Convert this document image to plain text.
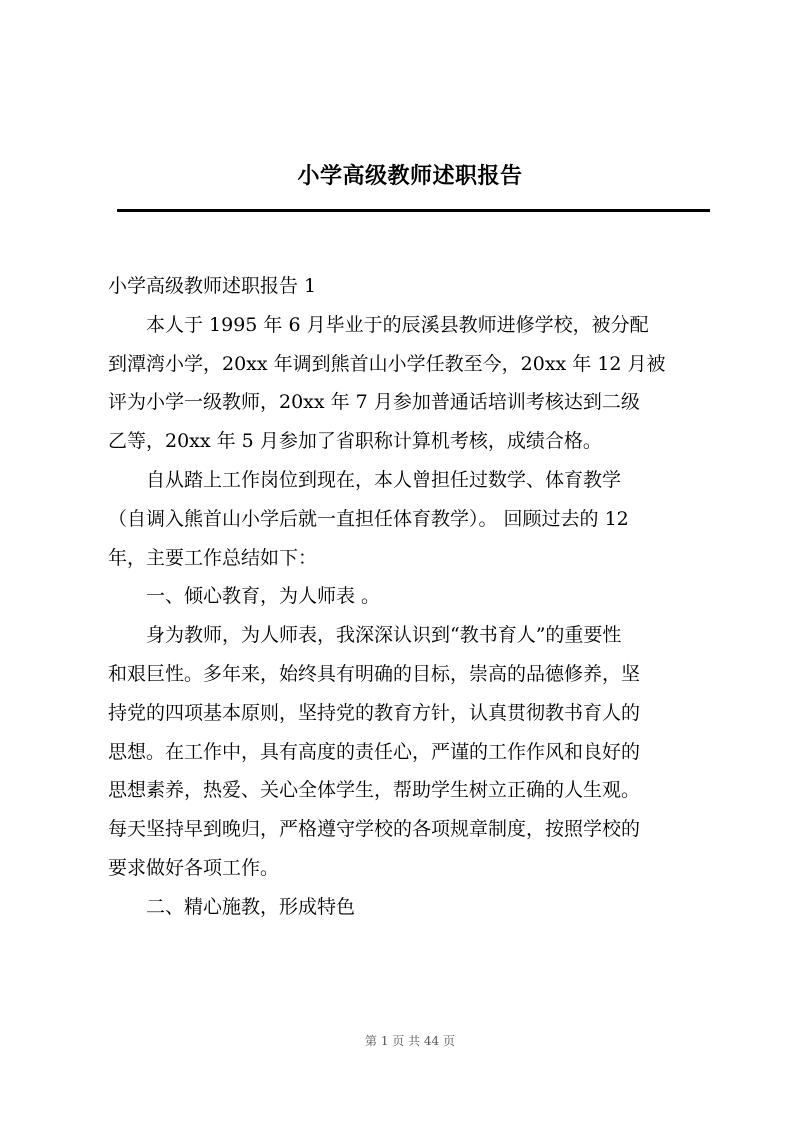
小学高级教师述职报告
小学高级教师述职报告 1
本人于 1995 年 6 月毕业于的辰溪县教师进修学校，被分配
到潭湾小学，20xx 年调到熊首山小学任教至今，20xx 年 12 月被
评为小学一级教师，20xx 年 7 月参加普通话培训考核达到二级
乙等，20xx 年 5 月参加了省职称计算机考核，成绩合格。
自从踏上工作岗位到现在，本人曾担任过数学、体育教学
（自调入熊首山小学后就一直担任体育教学）。 回顾过去的 12
年，主要工作总结如下：
一、倾心教育，为人师表 。
身为教师，为人师表，我深深认识到“教书育人”的重要性
和艰巨性。多年来，始终具有明确的目标，崇高的品德修养，坚
持党的四项基本原则，坚持党的教育方针，认真贯彻教书育人的
思想。在工作中，具有高度的责任心，严谨的工作作风和良好的
思想素养，热爱、关心全体学生，帮助学生树立正确的人生观。
每天坚持早到晚归，严格遵守学校的各项规章制度，按照学校的
要求做好各项工作。
二、精心施教，形成特色
第 1 页 共 44 页
